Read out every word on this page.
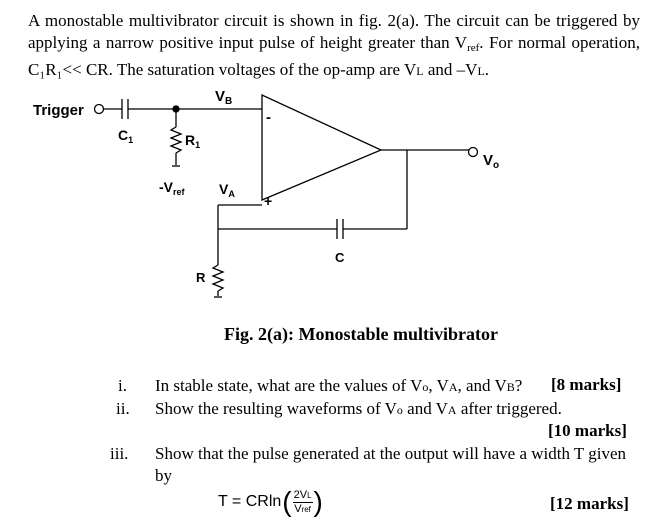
A monostable multivibrator circuit is shown in fig. 2(a). The circuit can be triggered by
applying a narrow positive input pulse of height greater than $V_{ref}$. For normal operation,
C₁R₁<< CR. The saturation voltages of the op-amp are VL and –VL.
Trigger
$C_1$	$R_1$
$-V_{ref}$ $V_A$
$V_B$
-
+
$V_o$
C
R
Fig. 2(a): Monostable multivibrator
i. In stable state, what are the values of Vo, VA, and VB? [8 marks]
ii. Show the resulting waveforms of Vo and VA after triggered.
[10 marks]
iii. Show that the pulse generated at the output will have a width T given
by
T = CRln ( $\frac{2VL}{\text{Vref}}$ )	[12 marks]
